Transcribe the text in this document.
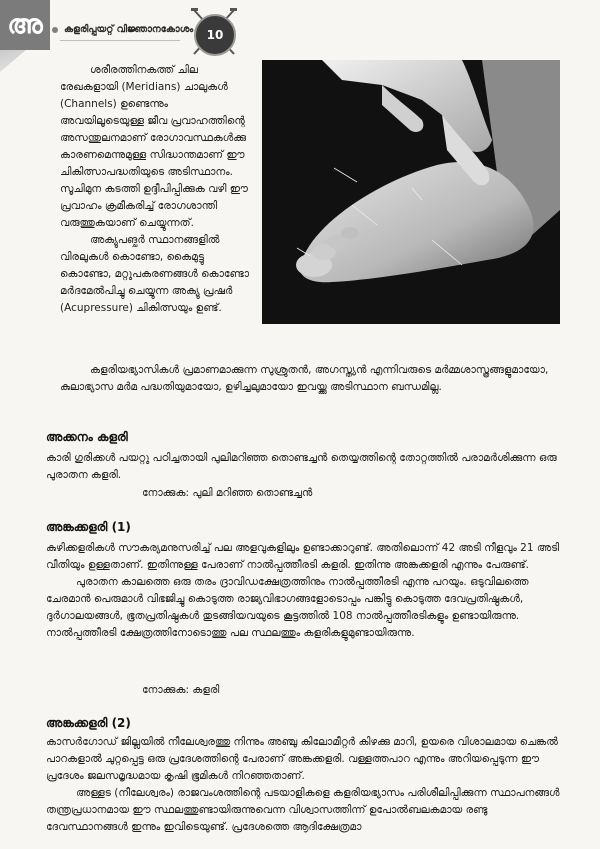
അ	കളരിപ്പയറ്റ് വിജ്ഞാനകോശം	10

ശരീരത്തിനകത്ത് ചില രേഖകളായി (Meridians) ചാലുകൾ (Channels) ഉണ്ടെന്നും അവയിലൂടെയുള്ള ജീവ പ്രവാഹത്തിന്റെ അസന്തുലനമാണ് രോഗാവസ്ഥകൾക്കു കാരണമെന്നുമുള്ള സിദ്ധാന്തമാണ് ഈ ചികിത്സാപദ്ധതിയുടെ അടിസ്ഥാനം. സൂചിമുന കടത്തി ഉദ്ദീപിപ്പിക്കുക വഴി ഈ പ്രവാഹം ക്രമീകരിച്ച് രോഗശാന്തി വരുത്തുകയാണ് ചെയ്യുന്നത്.

അക്യുപങ്ചർ സ്ഥാനങ്ങളിൽ വിരലുകൾ കൊണ്ടോ, കൈമുട്ടു കൊണ്ടോ, മറ്റുപകരണങ്ങൾ കൊണ്ടോ മർദമേൽപിച്ചു ചെയ്യുന്ന അക്യു പ്രഷർ (Acupressure) ചികിത്സയും ഉണ്ട്.

കളരിയഭ്യാസികൾ പ്രമാണമാക്കുന്ന സുശ്രുതൻ, അഗസ്ത്യൻ എന്നിവരുടെ മർമ്മശാസ്ത്രങ്ങളുമായോ, കുലാഭ്യാസ മർമ പദ്ധതിയുമായോ, ഉഴിച്ചലുമായോ ഇവയ്ക്കു അടിസ്ഥാന ബന്ധമില്ല.

അക്കനം കളരി

കാരി ഗുരിക്കൾ പയറ്റു പഠിച്ചതായി പുലിമറിഞ്ഞ തൊണ്ടച്ചൻ തെയ്യത്തിന്റെ തോറ്റത്തിൽ പരാമർശിക്കുന്ന ഒരു പുരാതന കളരി.

നോക്കുക: പുലി മറിഞ്ഞ തൊണ്ടച്ചൻ
അങ്കക്കളരി (1)

കുഴിക്കളരികൾ സൗകര്യമനുസരിച്ച് പല അളവുകളിലും ഉണ്ടാക്കാറുണ്ട്. അതിലൊന്ന് 42 അടി നീളവും 21 അടി വീതിയും ഉള്ളതാണ്. ഇതിന്നുള്ള പേരാണ് നാൽപ്പത്തീരടി കളരി. ഇതിന്നു അങ്കക്കളരി എന്നും പേരുണ്ട്.

പുരാതന കാലത്തെ ഒരു തരം ദ്രാവിഡക്ഷേത്രത്തിനും നാൽപ്പത്തീരടി എന്നു പറയും. ഒടുവിലത്തെ ചേരമാൻ പെരുമാൾ വിഭജിച്ചു കൊടുത്ത രാജ്യവിഭാഗങ്ങളോടൊപ്പം പങ്കിട്ടു കൊടുത്ത ദേവപ്രതിഷ്ഠകൾ, ദുർഗാലയങ്ങൾ, ഭൂതപ്രതിഷ്ഠകൾ തുടങ്ങിയവയുടെ കൂട്ടത്തിൽ 108 നാൽപ്പത്തീരടികളും ഉണ്ടായിരുന്നു. നാൽപ്പത്തീരടി ക്ഷേത്രത്തിനോടൊത്തു പല സ്ഥലത്തും കളരികളുമുണ്ടായിരുന്നു.

നോക്കുക: കളരി
അങ്കക്കളരി (2)

കാസർഗോഡ് ജില്ലയിൽ നീലേശ്വരത്തു നിന്നും അഞ്ചു കിലോമീറ്റർ കിഴക്കു മാറി, ഉയരെ വിശാലമായ ചെങ്കൽ പാറകളാൽ ചുറ്റപ്പെട്ട ഒരു പ്രദേശത്തിന്റെ പേരാണ് അങ്കക്കളരി. വള്ളത്തപാറ എന്നും അറിയപ്പെടുന്ന ഈ പ്രദേശം ജലസമൃദ്ധമായ കൃഷി ഭൂമികൾ നിറഞ്ഞതാണ്.

അള്ളട (നീലേശ്വരം) രാജവംശത്തിന്റെ പടയാളികളെ കളരിയഭ്യാസം പരിശീലിപ്പിക്കുന്ന സ്ഥാപനങ്ങൾ തന്ത്രപ്രധാനമായ ഈ സ്ഥലത്തുണ്ടായിരുന്നുവെന്ന വിശ്വാസത്തിന്ന് ഉപോൽബലകമായ രണ്ടു ദേവസ്ഥാനങ്ങൾ ഇന്നും ഇവിടെയുണ്ട്. പ്രദേശത്തെ ആദിക്ഷേത്രമാ
